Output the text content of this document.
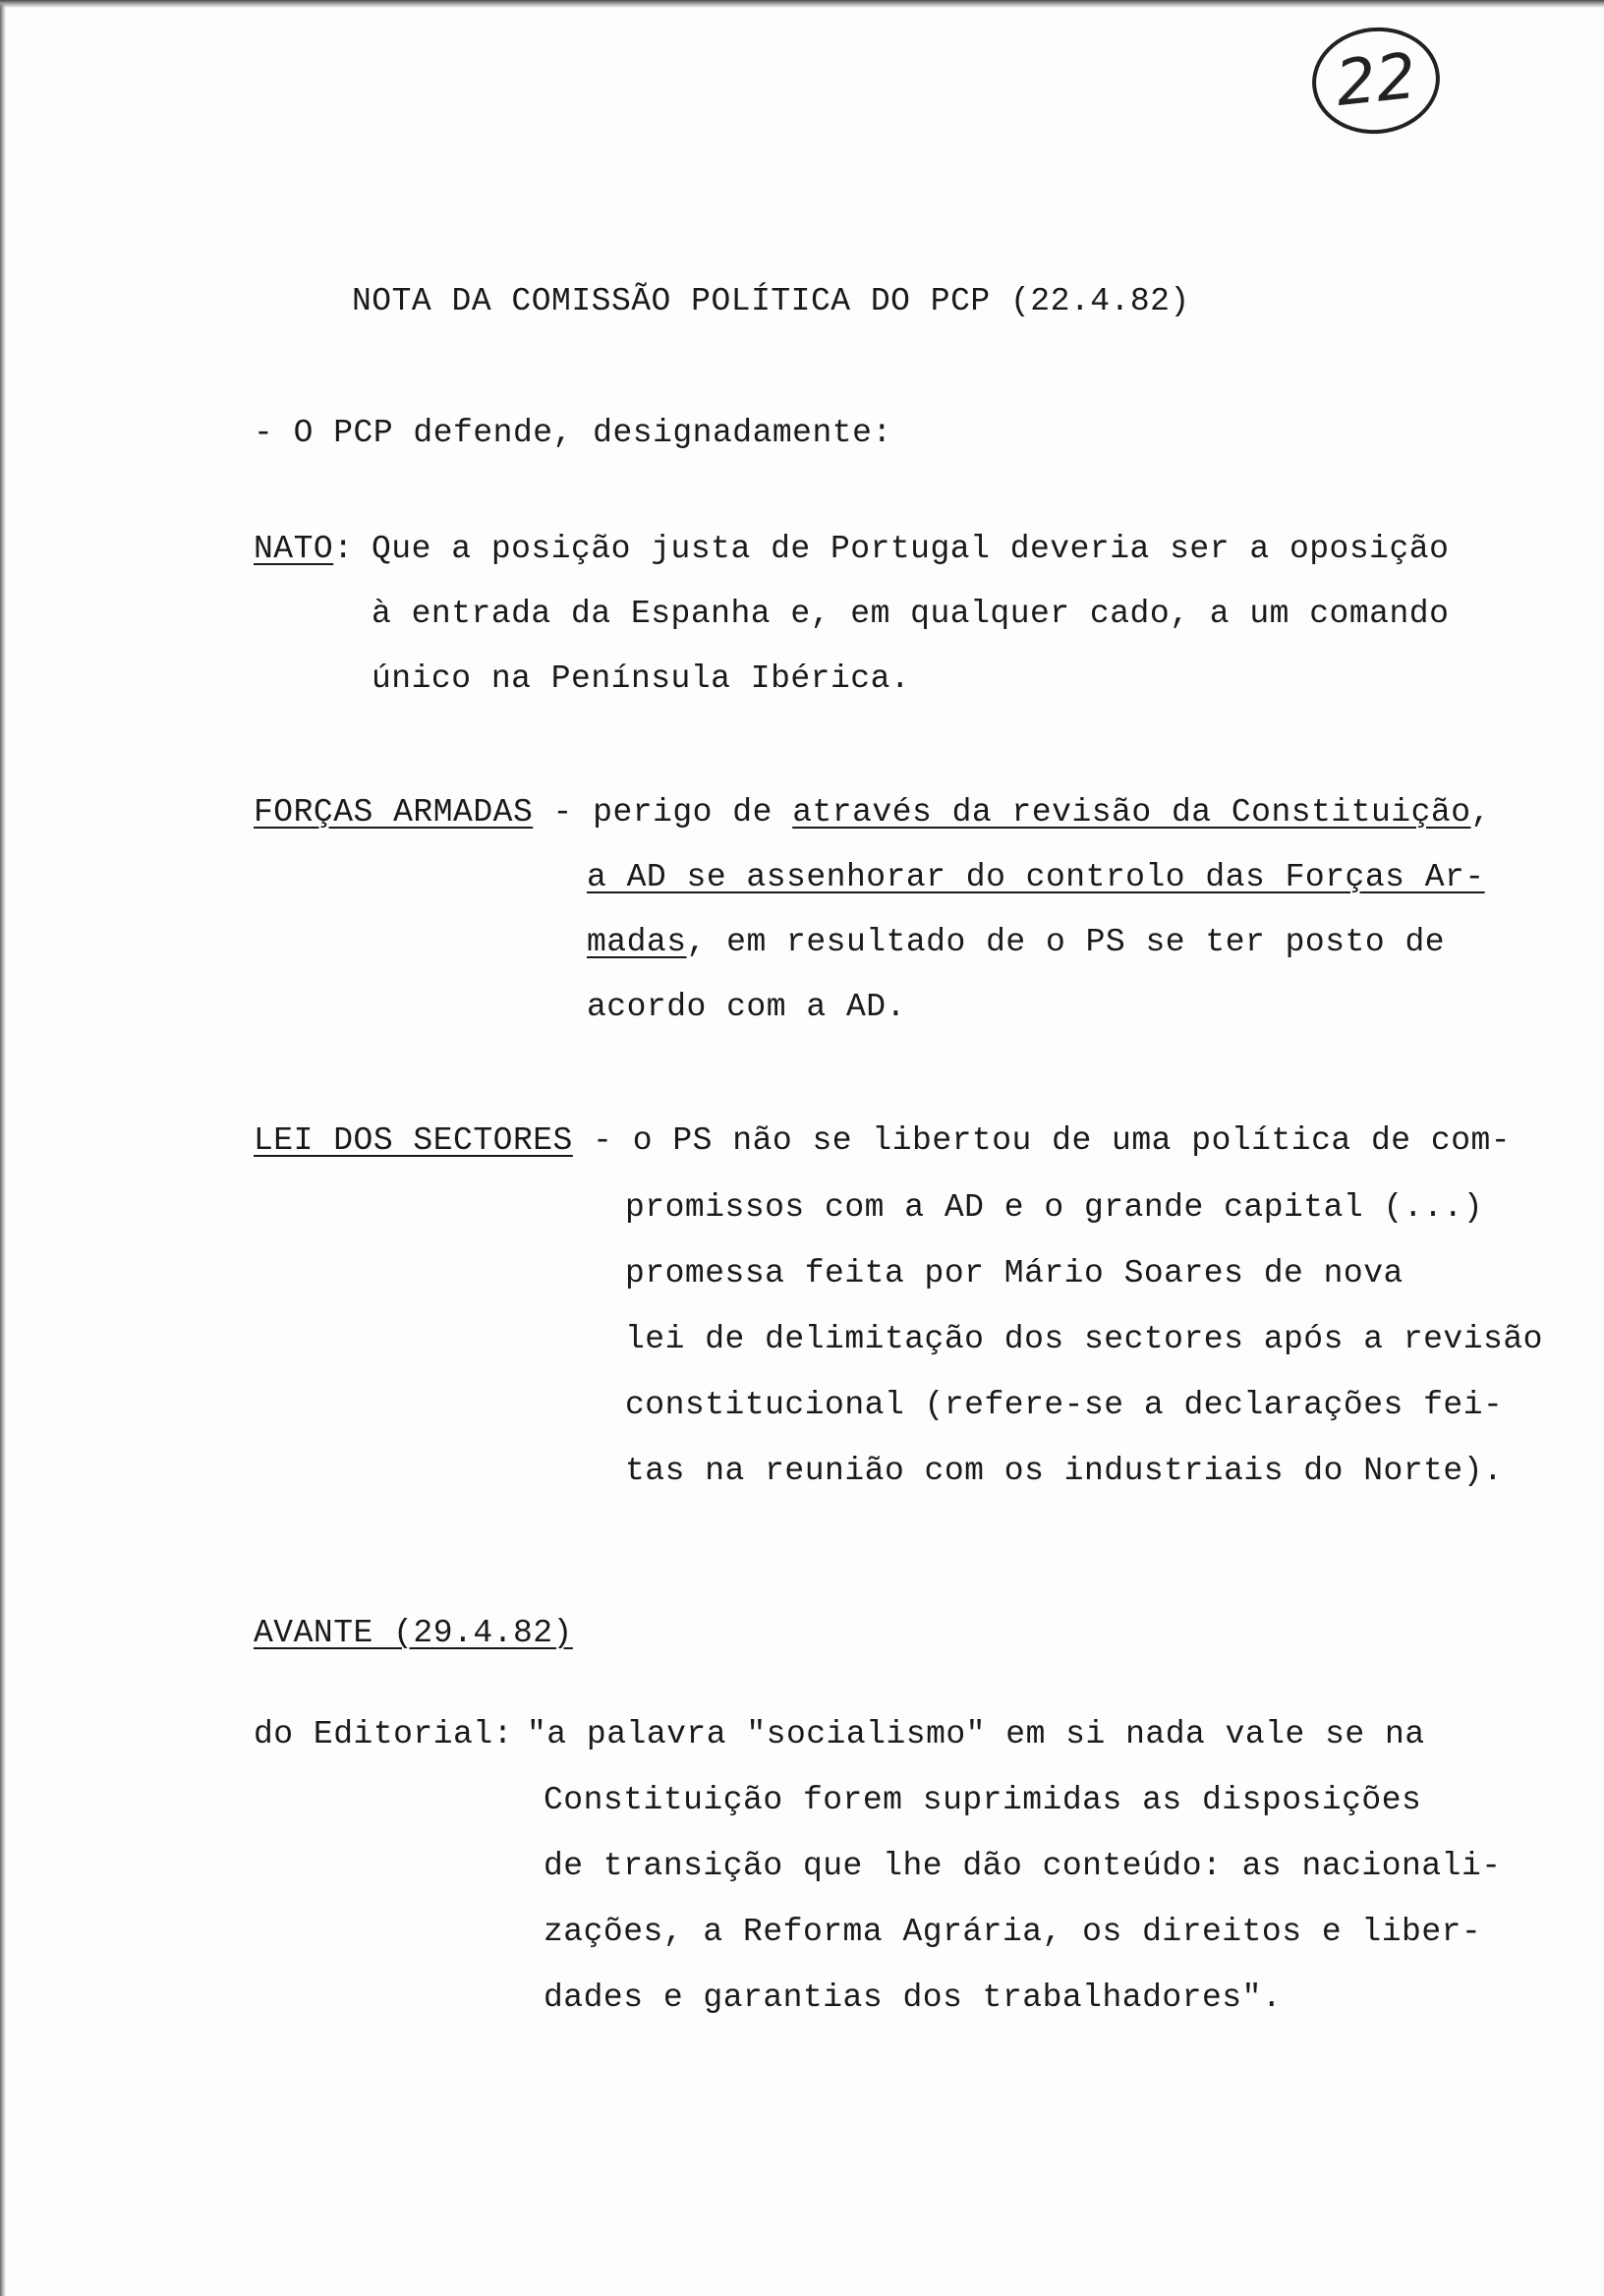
22
NOTA DA COMISSÃO POLÍTICA DO PCP (22.4.82)
- O PCP defende, designadamente:
NATO: Que a posição justa de Portugal deveria ser a oposição
à entrada da Espanha e, em qualquer cado, a um comando
único na Península Ibérica.
FORÇAS ARMADAS - perigo de através da revisão da Constituição,
a AD se assenhorar do controlo das Forças Ar-
madas, em resultado de o PS se ter posto de
acordo com a AD.
LEI DOS SECTORES - o PS não se libertou de uma política de com-
promissos com a AD e o grande capital (...)
promessa feita por Mário Soares de nova
lei de delimitação dos sectores após a revisão
constitucional (refere-se a declarações fei-
tas na reunião com os industriais do Norte).
AVANTE (29.4.82)
do Editorial:
"a palavra "socialismo" em si nada vale se na
Constituição forem suprimidas as disposições
de transição que lhe dão conteúdo: as nacionali-
zações, a Reforma Agrária, os direitos e liber-
dades e garantias dos trabalhadores".
